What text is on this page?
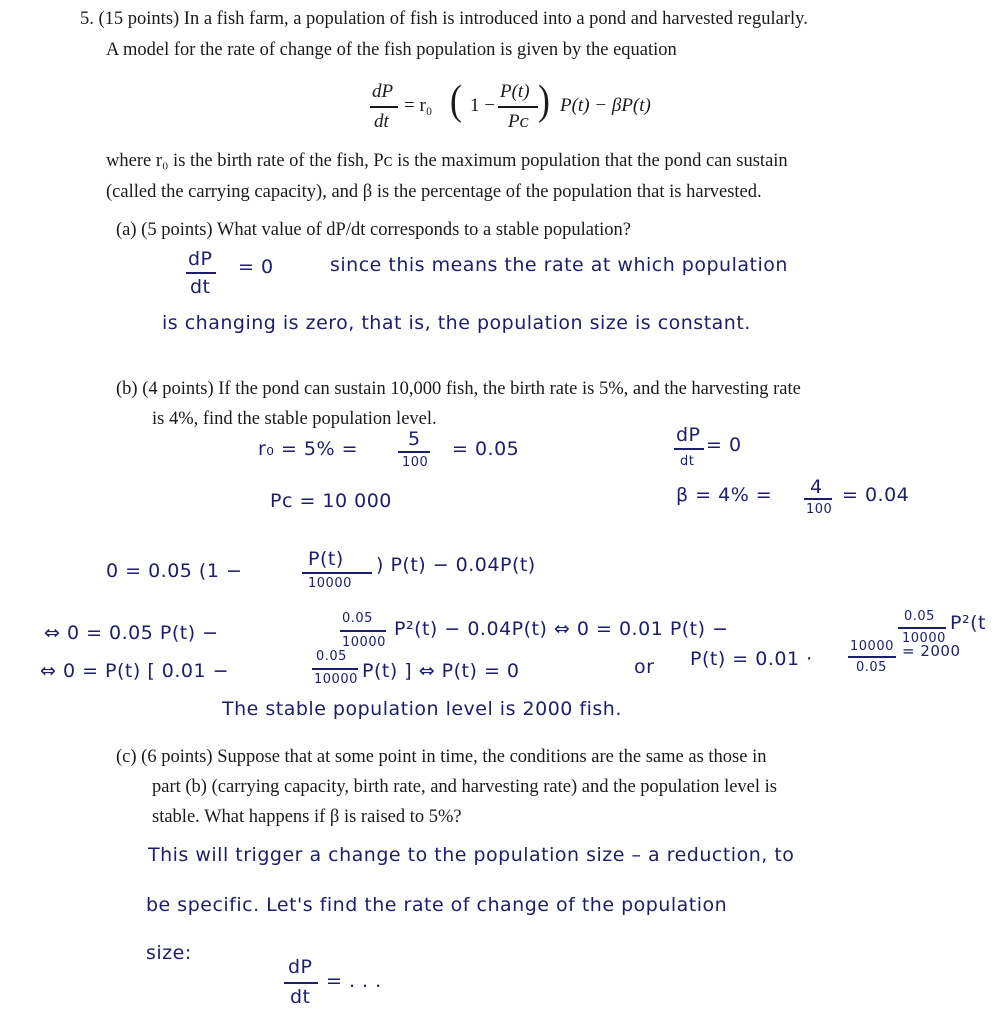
5. (15 points) In a fish farm, a population of fish is introduced into a pond and harvested regularly.
A model for the rate of change of the fish population is given by the equation
dP
dt
= r₀ ( 1 −
P(t)
Pᴄ ) P(t) − βP(t)
where r₀ is the birth rate of the fish, Pᴄ is the maximum population that the pond can sustain
(called the carrying capacity), and β is the percentage of the population that is harvested.
(a) (5 points) What value of dP/dt corresponds to a stable population?
dP
dt
= 0	since this means the rate at which population
is changing is zero, that is, the population size is constant.
(b) (4 points) If the pond can sustain 10,000 fish, the birth rate is 5%, and the harvesting rate
is 4%, find the stable population level.
r₀ = 5% =	5
100
= 0.05
dP
dt
= 0
Pᴄ = 10 000	β = 4% = 4
100
= 0.04
0 = 0.05 (1 −
P(t)
10000
) P(t) − 0.04P(t)
⇔ 0 = 0.05 P(t) −
0.05
10000
P²(t) − 0.04P(t) ⇔ 0 = 0.01 P(t) −
0.05
10000
P²(t
⇔ 0 = P(t) [ 0.01 −
0.05
10000 P(t) ] ⇔ P(t) = 0	or P(t) = 0.01 ·
10000
0.05
= 2000
The stable population level is 2000 fish.
(c) (6 points) Suppose that at some point in time, the conditions are the same as those in
part (b) (carrying capacity, birth rate, and harvesting rate) and the population level is
stable. What happens if β is raised to 5%?
This will trigger a change to the population size – a reduction, to
be specific. Let's find the rate of change of the population
size:
dP
dt
= . . .
